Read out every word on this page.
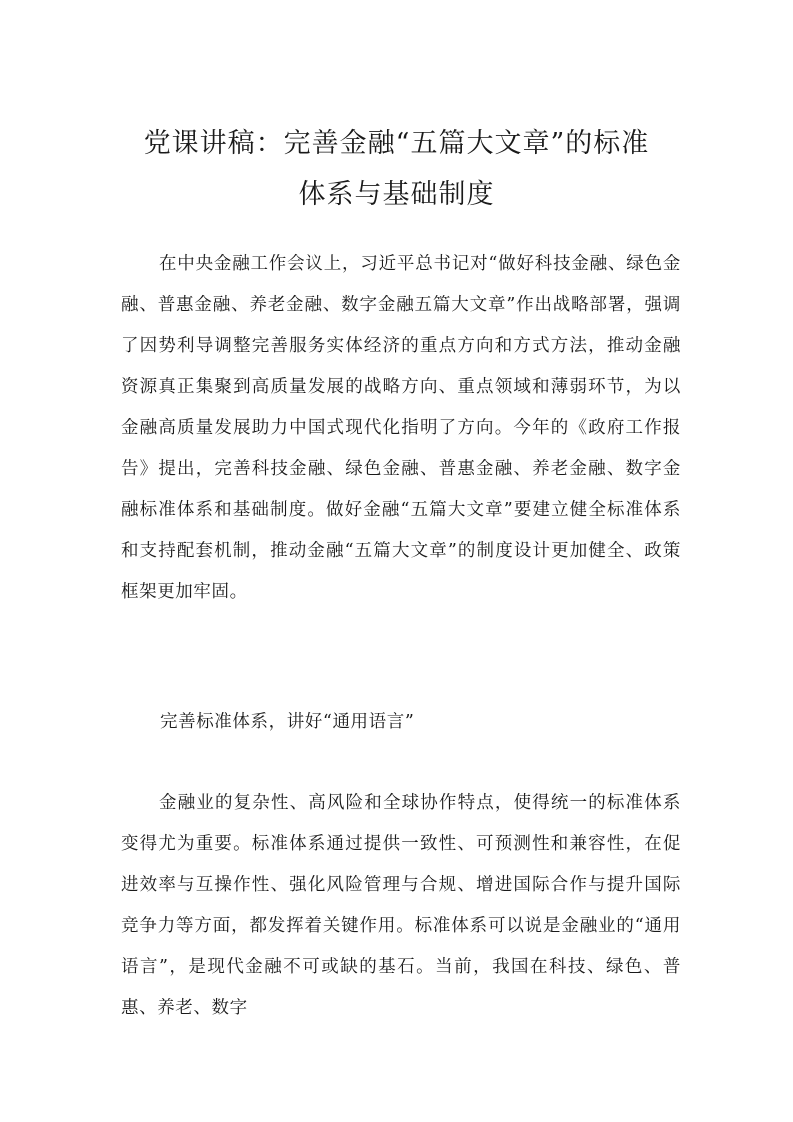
党课讲稿：完善金融“五篇大文章”的标准
体系与基础制度

在中央金融工作会议上，习近平总书记对“做好科技金融、绿色金融、普惠金融、养老金融、数字金融五篇大文章”作出战略部署，强调了因势利导调整完善服务实体经济的重点方向和方式方法，推动金融资源真正集聚到高质量发展的战略方向、重点领域和薄弱环节，为以金融高质量发展助力中国式现代化指明了方向。今年的《政府工作报告》提出，完善科技金融、绿色金融、普惠金融、养老金融、数字金融标准体系和基础制度。做好金融“五篇大文章”要建立健全标准体系和支持配套机制，推动金融“五篇大文章”的制度设计更加健全、政策框架更加牢固。

完善标准体系，讲好“通用语言”

金融业的复杂性、高风险和全球协作特点，使得统一的标准体系变得尤为重要。标准体系通过提供一致性、可预测性和兼容性，在促进效率与互操作性、强化风险管理与合规、增进国际合作与提升国际竞争力等方面，都发挥着关键作用。标准体系可以说是金融业的“通用语言”，是现代金融不可或缺的基石。当前，我国在科技、绿色、普惠、养老、数字
